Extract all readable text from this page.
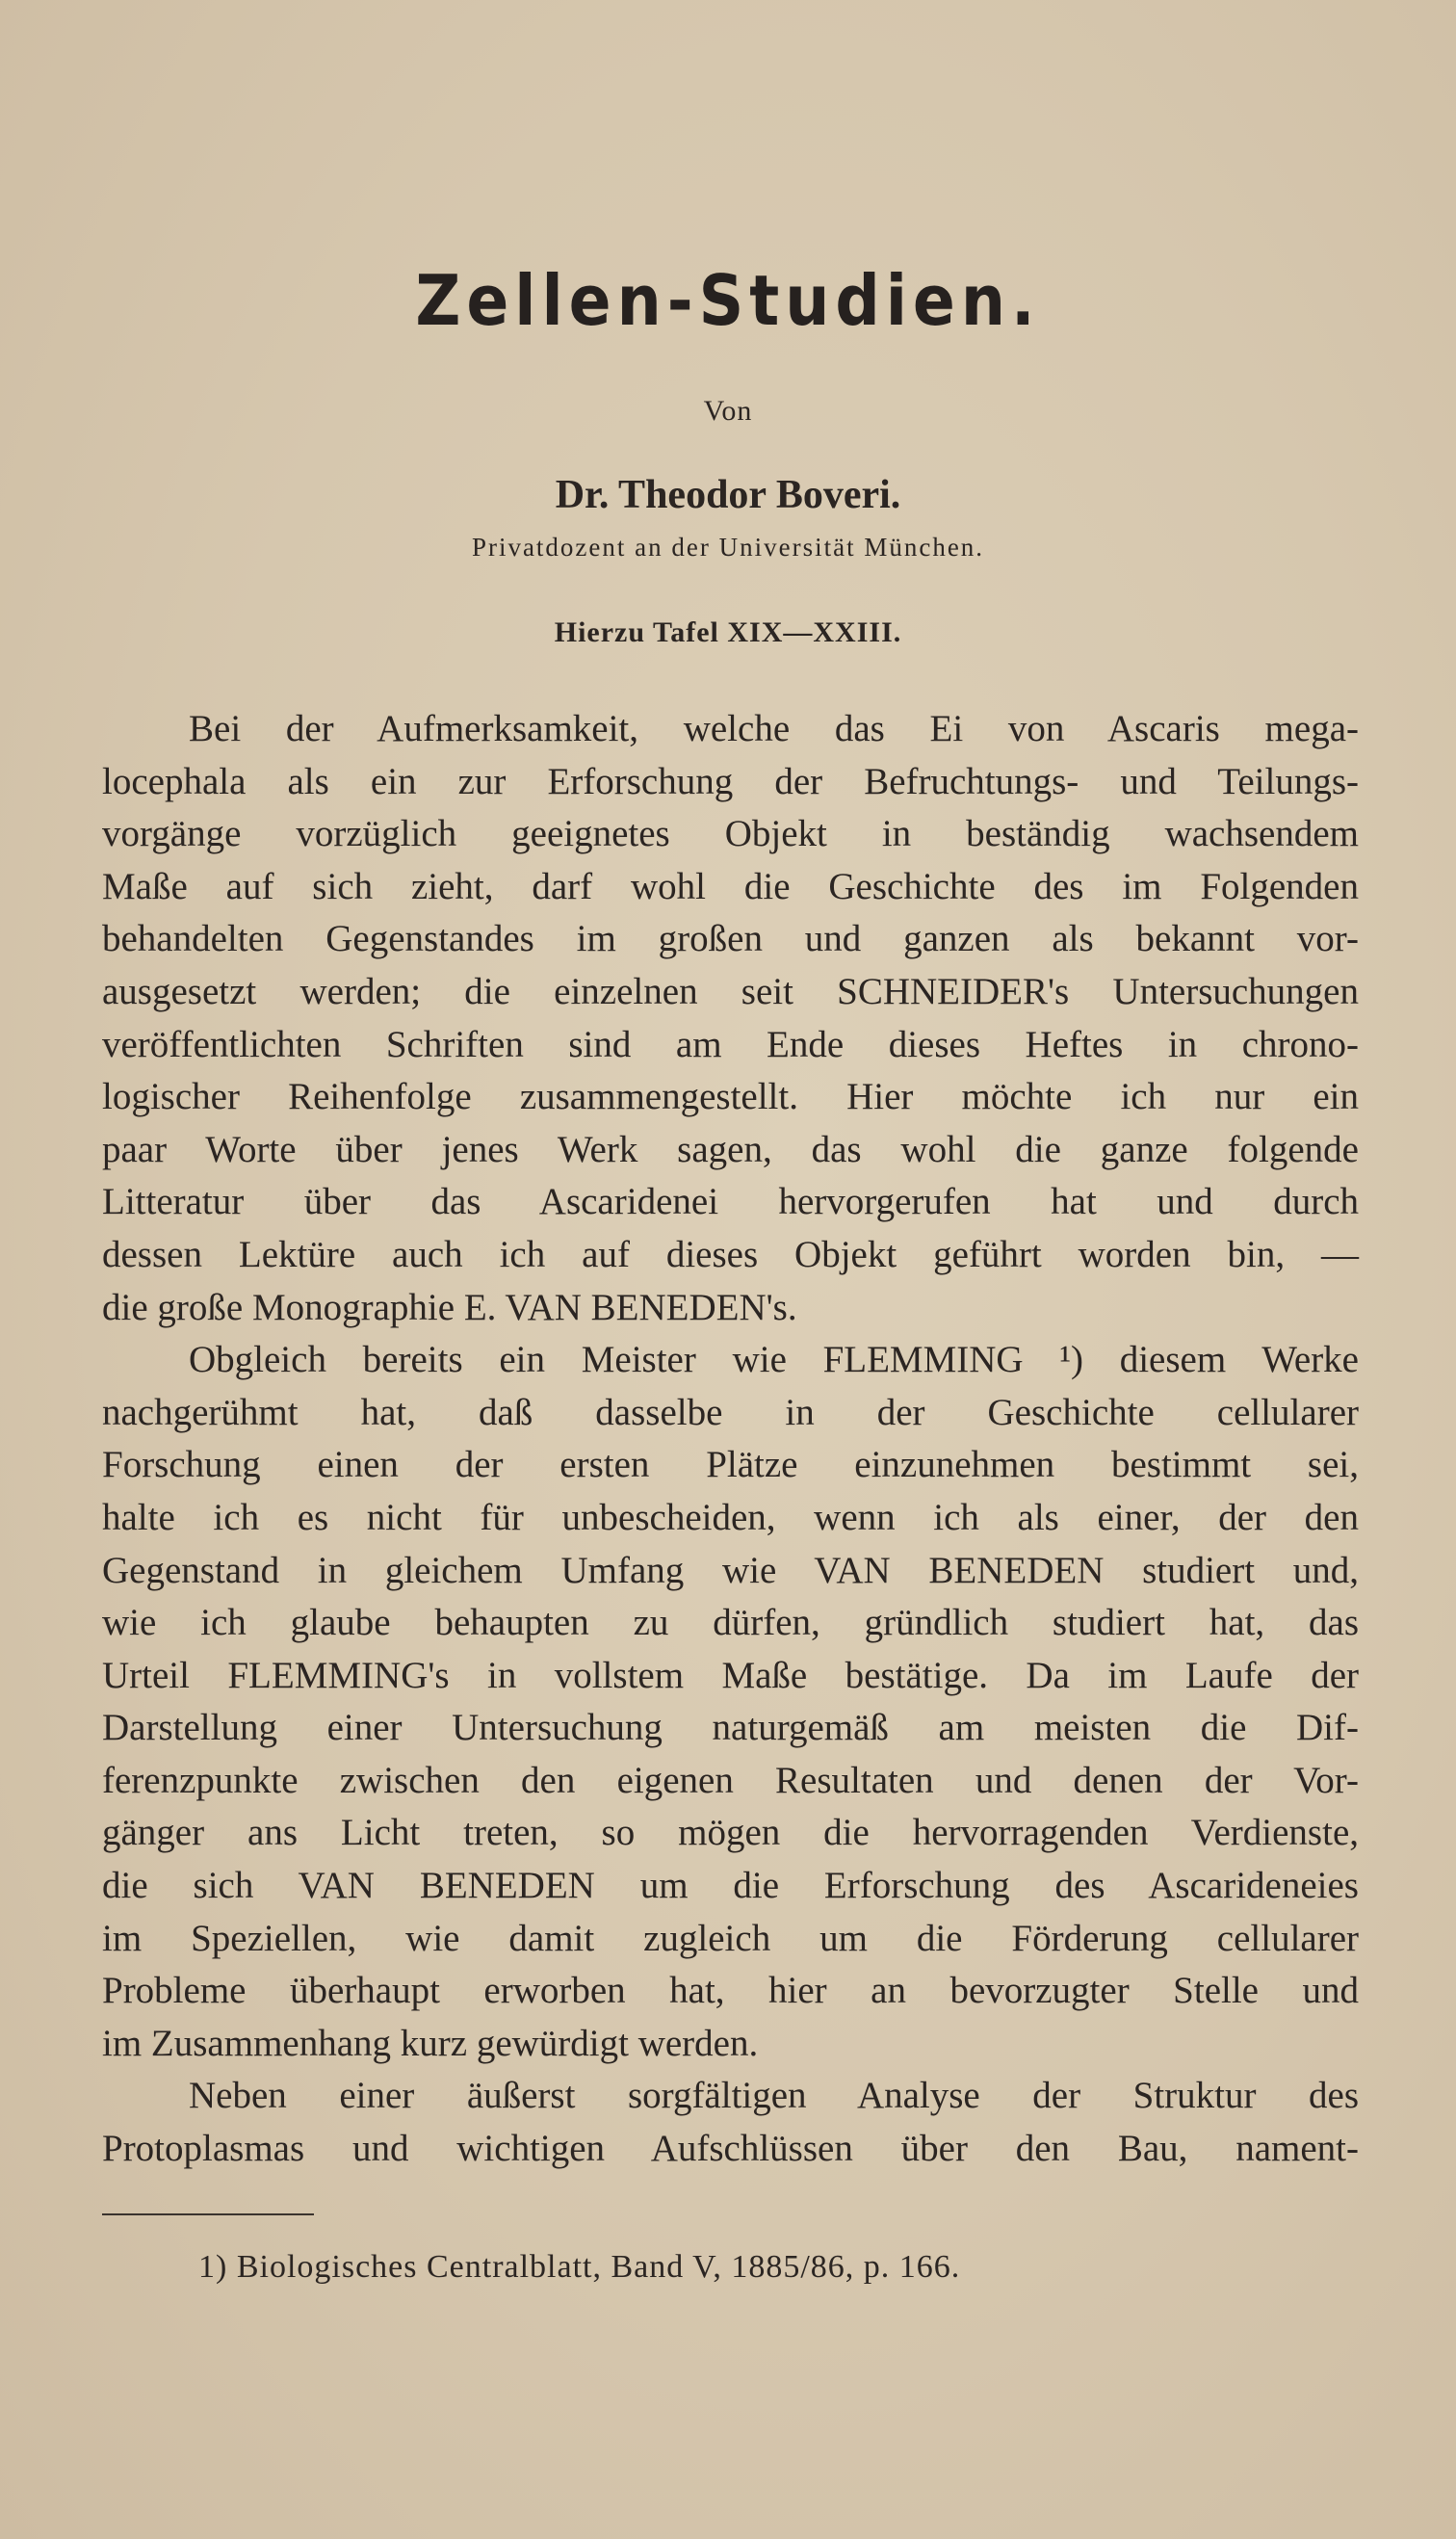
Zellen-Studien.
Von
Dr. Theodor Boveri.
Privatdozent an der Universität München.
Hierzu Tafel XIX—XXIII.
Bei der Aufmerksamkeit, welche das Ei von Ascaris mega-
locephala als ein zur Erforschung der Befruchtungs- und Teilungs-
vorgänge vorzüglich geeignetes Objekt in beständig wachsendem
Maße auf sich zieht, darf wohl die Geschichte des im Folgenden
behandelten Gegenstandes im großen und ganzen als bekannt vor-
ausgesetzt werden; die einzelnen seit SCHNEIDER's Untersuchungen
veröffentlichten Schriften sind am Ende dieses Heftes in chrono-
logischer Reihenfolge zusammengestellt. Hier möchte ich nur ein
paar Worte über jenes Werk sagen, das wohl die ganze folgende
Litteratur über das Ascaridenei hervorgerufen hat und durch
dessen Lektüre auch ich auf dieses Objekt geführt worden bin, —
die große Monographie E. VAN BENEDEN's.
Obgleich bereits ein Meister wie FLEMMING ¹) diesem Werke
nachgerühmt hat, daß dasselbe in der Geschichte cellularer
Forschung einen der ersten Plätze einzunehmen bestimmt sei,
halte ich es nicht für unbescheiden, wenn ich als einer, der den
Gegenstand in gleichem Umfang wie VAN BENEDEN studiert und,
wie ich glaube behaupten zu dürfen, gründlich studiert hat, das
Urteil FLEMMING's in vollstem Maße bestätige. Da im Laufe der
Darstellung einer Untersuchung naturgemäß am meisten die Dif-
ferenzpunkte zwischen den eigenen Resultaten und denen der Vor-
gänger ans Licht treten, so mögen die hervorragenden Verdienste,
die sich VAN BENEDEN um die Erforschung des Ascarideneies
im Speziellen, wie damit zugleich um die Förderung cellularer
Probleme überhaupt erworben hat, hier an bevorzugter Stelle und
im Zusammenhang kurz gewürdigt werden.
Neben einer äußerst sorgfältigen Analyse der Struktur des
Protoplasmas und wichtigen Aufschlüssen über den Bau, nament-
1) Biologisches Centralblatt, Band V, 1885/86, p. 166.
